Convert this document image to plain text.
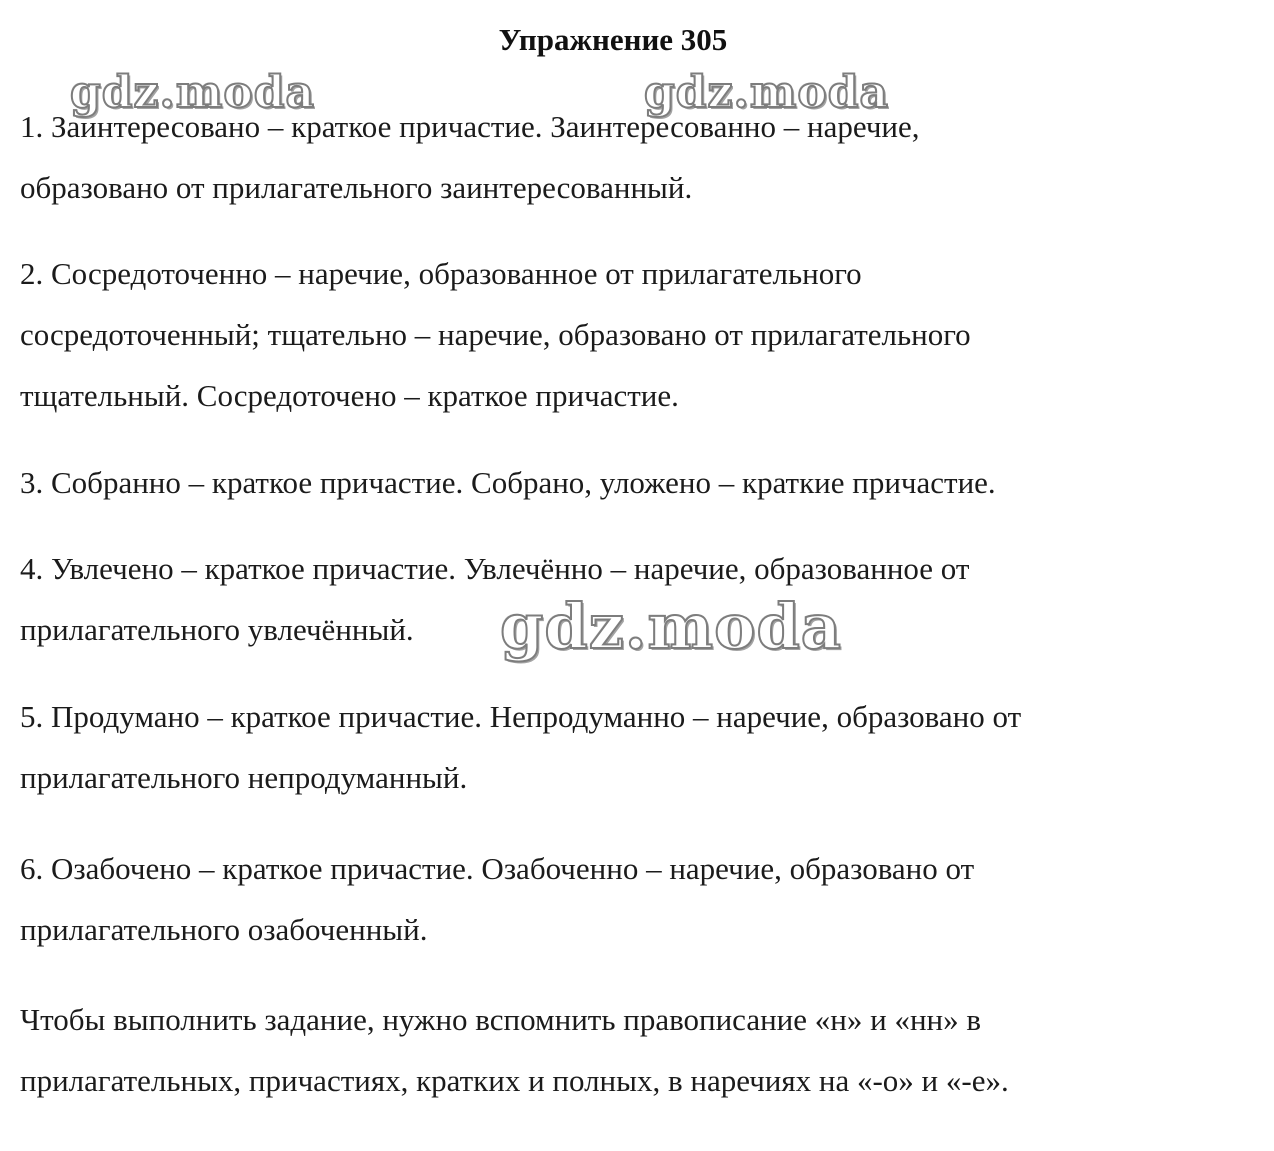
Упражнение 305
gdz.moda	gdz.moda
gdz.moda

1. Заинтересовано – краткое причастие. Заинтересованно – наречие,
образовано от прилагательного заинтересованный.

2. Сосредоточенно – наречие, образованное от прилагательного
сосредоточенный; тщательно – наречие, образовано от прилагательного
тщательный. Сосредоточено – краткое причастие.

3. Собранно – краткое причастие. Собрано, уложено – краткие причастие.

4. Увлечено – краткое причастие. Увлечённо – наречие, образованное от
прилагательного увлечённый.

5. Продумано – краткое причастие. Непродуманно – наречие, образовано от
прилагательного непродуманный.

6. Озабочено – краткое причастие. Озабоченно – наречие, образовано от
прилагательного озабоченный.

Чтобы выполнить задание, нужно вспомнить правописание «н» и «нн» в
прилагательных, причастиях, кратких и полных, в наречиях на «-о» и «-е».
